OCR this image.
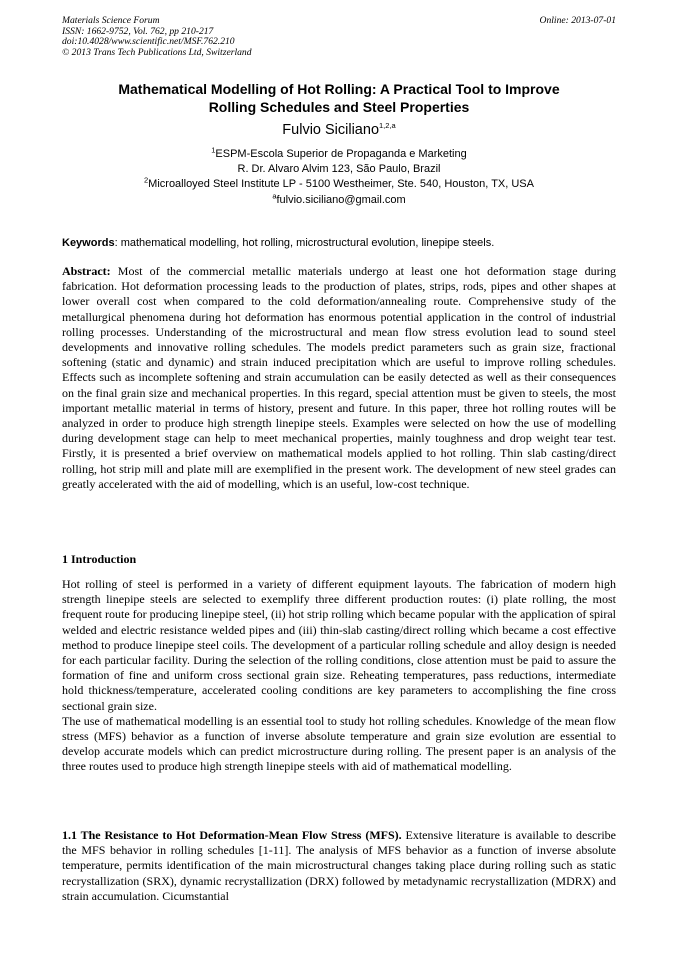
Materials Science Forum
ISSN: 1662-9752, Vol. 762, pp 210-217
doi:10.4028/www.scientific.net/MSF.762.210
© 2013 Trans Tech Publications Ltd, Switzerland
Online: 2013-07-01
Mathematical Modelling of Hot Rolling: A Practical Tool to Improve
Rolling Schedules and Steel Properties
Fulvio Siciliano$^{1,2,a}$
$^1$ESPM-Escola Superior de Propaganda e Marketing
R. Dr. Alvaro Alvim 123, São Paulo, Brazil
$^2$Microalloyed Steel Institute LP - 5100 Westheimer, Ste. 540, Houston, TX, USA
$^a$fulvio.siciliano@gmail.com
Keywords: mathematical modelling, hot rolling, microstructural evolution, linepipe steels.

Abstract: Most of the commercial metallic materials undergo at least one hot deformation stage during fabrication. Hot deformation processing leads to the production of plates, strips, rods, pipes and other shapes at lower overall cost when compared to the cold deformation/annealing route. Comprehensive study of the metallurgical phenomena during hot deformation has enormous potential application in the control of industrial rolling processes. Understanding of the microstructural and mean flow stress evolution lead to sound steel developments and innovative rolling schedules. The models predict parameters such as grain size, fractional softening (static and dynamic) and strain induced precipitation which are useful to improve rolling schedules. Effects such as incomplete softening and strain accumulation can be easily detected as well as their consequences on the final grain size and mechanical properties. In this regard, special attention must be given to steels, the most important metallic material in terms of history, present and future. In this paper, three hot rolling routes will be analyzed in order to produce high strength linepipe steels. Examples were selected on how the use of modelling during development stage can help to meet mechanical properties, mainly toughness and drop weight tear test. Firstly, it is presented a brief overview on mathematical models applied to hot rolling. Thin slab casting/direct rolling, hot strip mill and plate mill are exemplified in the present work. The development of new steel grades can greatly accelerated with the aid of modelling, which is an useful, low-cost technique.

1 Introduction

Hot rolling of steel is performed in a variety of different equipment layouts. The fabrication of modern high strength linepipe steels are selected to exemplify three different production routes: (i) plate rolling, the most frequent route for producing linepipe steel, (ii) hot strip rolling which became popular with the application of spiral welded and electric resistance welded pipes and (iii) thin-slab casting/direct rolling which became a cost effective method to produce linepipe steel coils. The development of a particular rolling schedule and alloy design is needed for each particular facility. During the selection of the rolling conditions, close attention must be paid to assure the formation of fine and uniform cross sectional grain size. Reheating temperatures, pass reductions, intermediate hold thickness/temperature, accelerated cooling conditions are key parameters to accomplishing the fine cross sectional grain size.

The use of mathematical modelling is an essential tool to study hot rolling schedules. Knowledge of the mean flow stress (MFS) behavior as a function of inverse absolute temperature and grain size evolution are essential to develop accurate models which can predict microstructure during rolling. The present paper is an analysis of the three routes used to produce high strength linepipe steels with aid of mathematical modelling.

1.1 The Resistance to Hot Deformation-Mean Flow Stress (MFS). Extensive literature is available to describe the MFS behavior in rolling schedules [1-11]. The analysis of MFS behavior as a function of inverse absolute temperature, permits identification of the main microstructural changes taking place during rolling such as static recrystallization (SRX), dynamic recrystallization (DRX) followed by metadynamic recrystallization (MDRX) and strain accumulation. Cicumstantial
